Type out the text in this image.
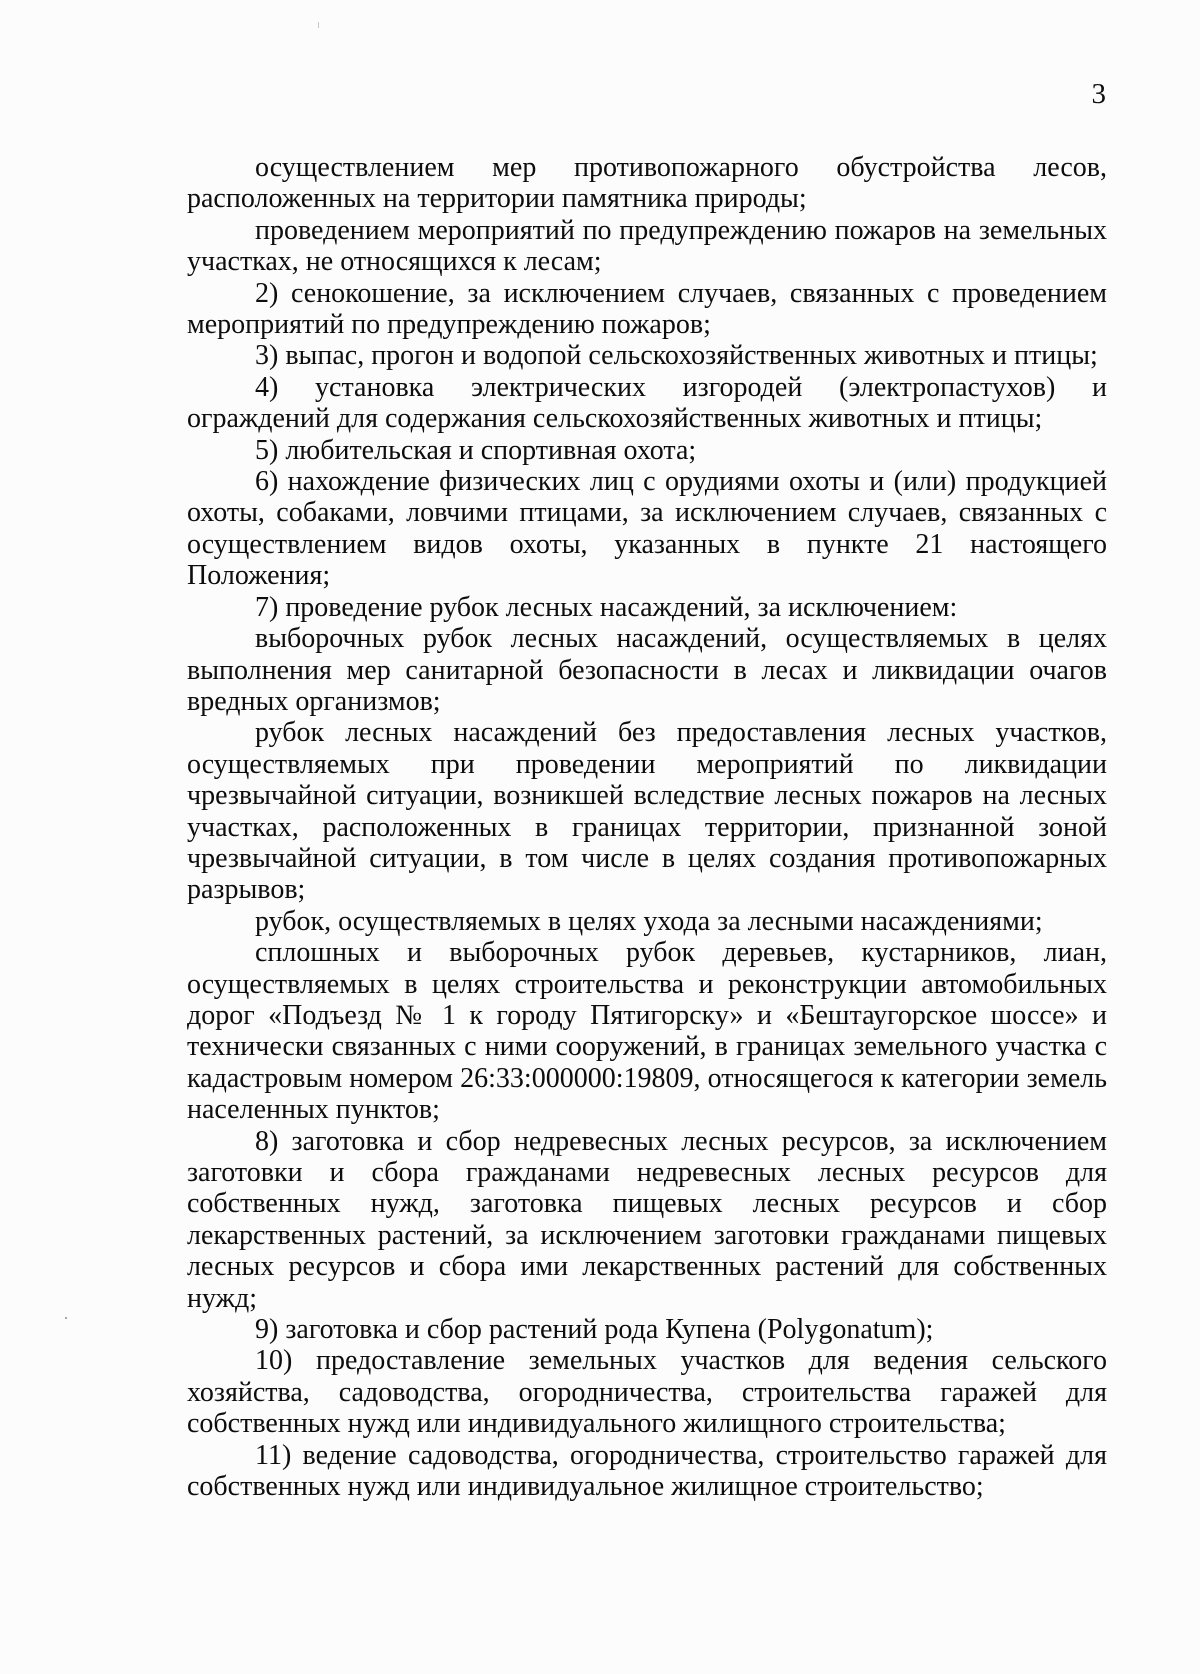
3

осуществлением мер противопожарного обустройства лесов, расположенных на территории памятника природы;

проведением мероприятий по предупреждению пожаров на земельных участках, не относящихся к лесам;

2) сенокошение, за исключением случаев, связанных с проведением мероприятий по предупреждению пожаров;

3) выпас, прогон и водопой сельскохозяйственных животных и птицы;

4) установка электрических изгородей (электропастухов) и ограждений для содержания сельскохозяйственных животных и птицы;

5) любительская и спортивная охота;

6) нахождение физических лиц с орудиями охоты и (или) продукцией охоты, собаками, ловчими птицами, за исключением случаев, связанных с осуществлением видов охоты, указанных в пункте 21 настоящего Положения;

7) проведение рубок лесных насаждений, за исключением:

выборочных рубок лесных насаждений, осуществляемых в целях выполнения мер санитарной безопасности в лесах и ликвидации очагов вредных организмов;

рубок лесных насаждений без предоставления лесных участков, осуществляемых при проведении мероприятий по ликвидации чрезвычайной ситуации, возникшей вследствие лесных пожаров на лесных участках, расположенных в границах территории, признанной зоной чрезвычайной ситуации, в том числе в целях создания противопожарных разрывов;

рубок, осуществляемых в целях ухода за лесными насаждениями;

сплошных и выборочных рубок деревьев, кустарников, лиан, осуществляемых в целях строительства и реконструкции автомобильных дорог «Подъезд № 1 к городу Пятигорску» и «Бештаугорское шоссе» и технически связанных с ними сооружений, в границах земельного участка с кадастровым номером 26:33:000000:19809, относящегося к категории земель населенных пунктов;

8) заготовка и сбор недревесных лесных ресурсов, за исключением заготовки и сбора гражданами недревесных лесных ресурсов для собственных нужд, заготовка пищевых лесных ресурсов и сбор лекарственных растений, за исключением заготовки гражданами пищевых лесных ресурсов и сбора ими лекарственных растений для собственных нужд;

9) заготовка и сбор растений рода Купена (Polygonatum);

10) предоставление земельных участков для ведения сельского хозяйства, садоводства, огородничества, строительства гаражей для собственных нужд или индивидуального жилищного строительства;

11) ведение садоводства, огородничества, строительство гаражей для собственных нужд или индивидуальное жилищное строительство;
